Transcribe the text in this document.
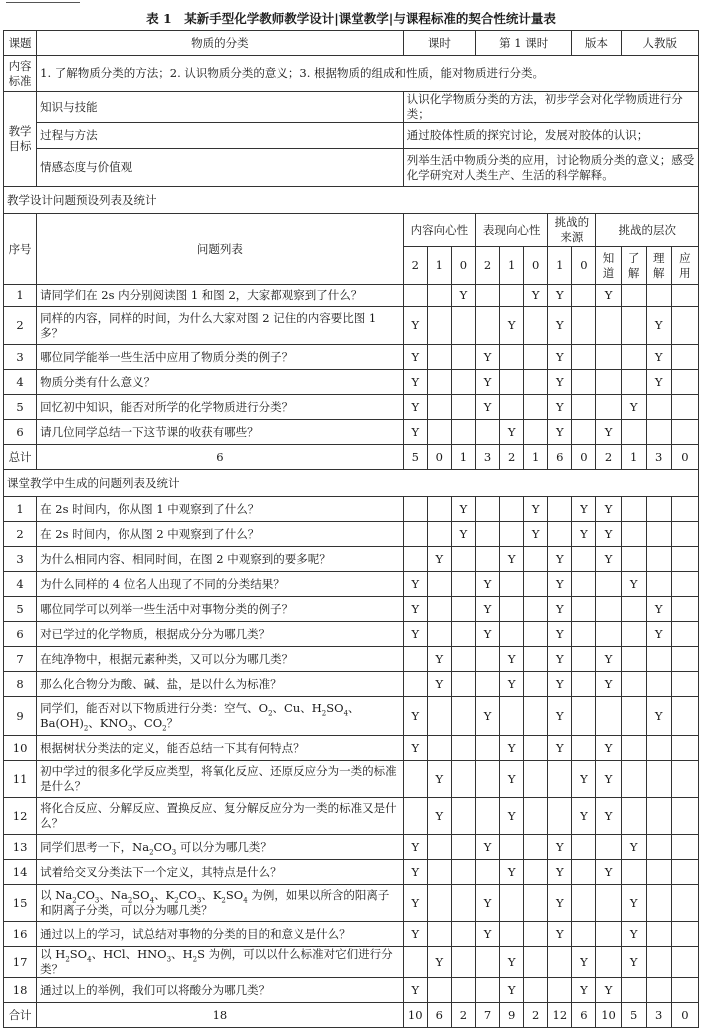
表 1　某新手型化学教师教学设计|课堂教学|与课程标准的契合性统计量表
课题	物质的分类	课时			第 1 课时				版本		人教版		
内容标准	1. 了解物质分类的方法；2. 认识物质分类的意义；3. 根据物质的组成和性质，能对物质进行分类。												
教学目标	知识与技能	认识化学物质分类的方法，初步学会对化学物质进行分类；											
	过程与方法	通过胶体性质的探究讨论，发展对胶体的认识；											
	情感态度与价值观	列举生活中物质分类的应用，讨论物质分类的意义；感受化学研究对人类生产、生活的科学解释。											
教学设计问题预设列表及统计													
序号	问题列表	内容向心性			表现向心性			挑战的来源		挑战的层次			
		2	1	0	2	1	0	1	0	知道	了解	理解	应用
1	请同学们在 2s 内分别阅读图 1 和图 2，大家都观察到了什么？			Y			Y	Y		Y			
2	同样的内容，同样的时间，为什么大家对图 2 记住的内容要比图 1 多？	Y				Y		Y				Y	
3	哪位同学能举一些生活中应用了物质分类的例子？	Y			Y			Y				Y	
4	物质分类有什么意义？	Y			Y			Y				Y	
5	回忆初中知识，能否对所学的化学物质进行分类？	Y			Y			Y			Y		
6	请几位同学总结一下这节课的收获有哪些？	Y				Y		Y		Y			
总计	6	5	0	1	3	2	1	6	0	2	1	3	0
课堂教学中生成的问题列表及统计													
1	在 2s 时间内，你从图 1 中观察到了什么？			Y			Y		Y	Y			
2	在 2s 时间内，你从图 2 中观察到了什么？			Y			Y		Y	Y			
3	为什么相同内容、相同时间，在图 2 中观察到的要多呢？		Y			Y		Y		Y			
4	为什么同样的 4 位名人出现了不同的分类结果？	Y			Y			Y			Y		
5	哪位同学可以列举一些生活中对事物分类的例子？	Y			Y			Y				Y	
6	对已学过的化学物质，根据成分分为哪几类？	Y			Y			Y				Y	
7	在纯净物中，根据元素种类，又可以分为哪几类？		Y			Y		Y		Y			
8	那么化合物分为酸、碱、盐，是以什么为标准？		Y			Y		Y		Y			
9	同学们，能否对以下物质进行分类：空气、$O_2$、Cu、$H_2SO_4$、$Ba(OH)_2$、$KNO_3$、$CO_2$？	Y			Y			Y				Y	
10	根据树状分类法的定义，能否总结一下其有何特点？	Y				Y		Y		Y			
11	初中学过的很多化学反应类型，将氧化反应、还原反应分为一类的标准是什么？		Y			Y			Y	Y			
12	将化合反应、分解反应、置换反应、复分解反应分为一类的标准又是什么？		Y			Y			Y	Y			
13	同学们思考一下，$Na_2CO_3$ 可以分为哪几类？	Y			Y			Y			Y		
14	试着给交叉分类法下一个定义，其特点是什么？	Y				Y		Y		Y			
15	以 $Na_2CO_3$、$Na_2SO_4$、$K_2CO_3$、$K_2SO_4$ 为例，如果以所含的阳离子和阴离子分类，可以分为哪几类？	Y			Y			Y			Y		
16	通过以上的学习，试总结对事物的分类的目的和意义是什么？	Y			Y			Y			Y		
17	以 $H_2SO_4$、HCl、$HNO_3$、$H_2S$ 为例，可以以什么标准对它们进行分类？		Y			Y			Y		Y		
18	通过以上的举例，我们可以将酸分为哪几类？	Y				Y			Y	Y			
合计	18	10	6	2	7	9	2	12	6	10	5	3	0
